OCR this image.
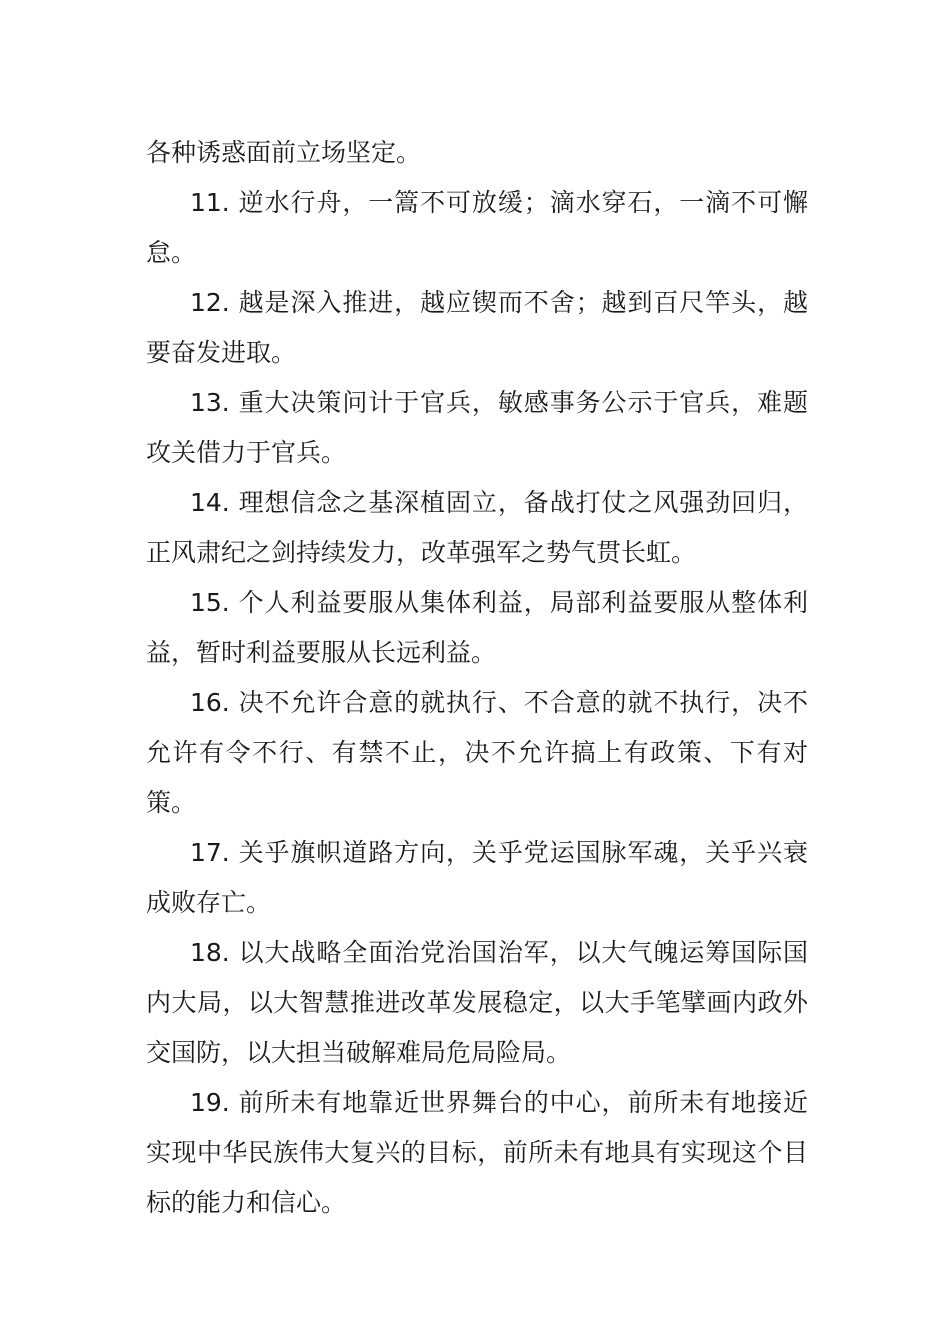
各种诱惑面前立场坚定。

11. 逆水行舟，一篙不可放缓；滴水穿石，一滴不可懈怠。

12. 越是深入推进，越应锲而不舍；越到百尺竿头，越要奋发进取。

13. 重大决策问计于官兵，敏感事务公示于官兵，难题攻关借力于官兵。

14. 理想信念之基深植固立，备战打仗之风强劲回归，正风肃纪之剑持续发力，改革强军之势气贯长虹。

15. 个人利益要服从集体利益，局部利益要服从整体利益，暂时利益要服从长远利益。

16. 决不允许合意的就执行、不合意的就不执行，决不允许有令不行、有禁不止，决不允许搞上有政策、下有对策。

17. 关乎旗帜道路方向，关乎党运国脉军魂，关乎兴衰成败存亡。

18. 以大战略全面治党治国治军，以大气魄运筹国际国内大局，以大智慧推进改革发展稳定，以大手笔擘画内政外交国防，以大担当破解难局危局险局。

19. 前所未有地靠近世界舞台的中心，前所未有地接近实现中华民族伟大复兴的目标，前所未有地具有实现这个目标的能力和信心。
